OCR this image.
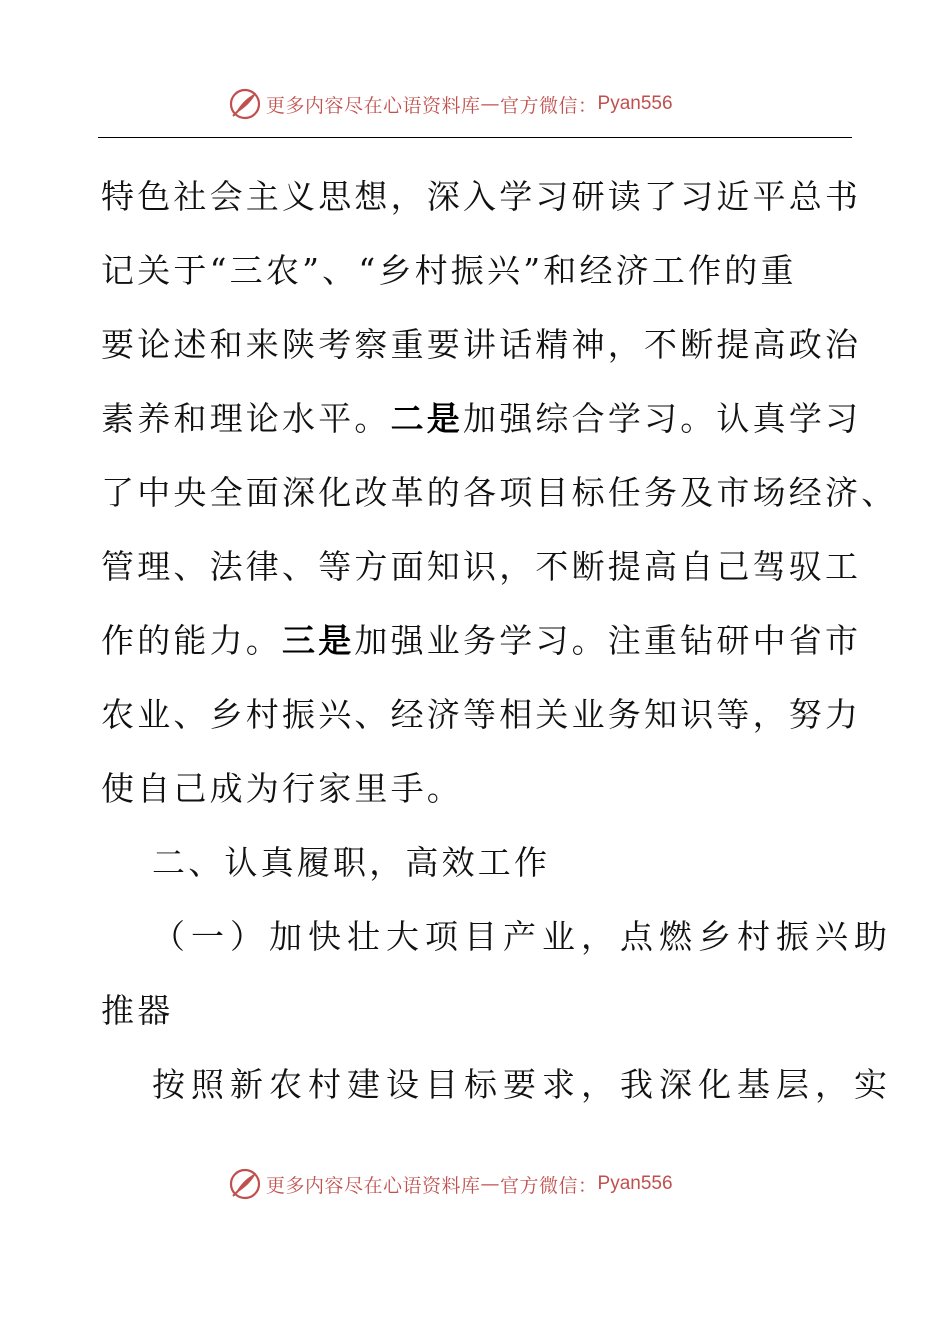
更多内容尽在心语资料库 — 官方微信： Pyan556
特色社会主义思想，深入学习研读了习近平总书
记关于“三农”、“乡村振兴”和经济工作的重
要论述和来陕考察重要讲话精神，不断提高政治
素养和理论水平。二是加强综合学习。认真学习
了中央全面深化改革的各项目标任务及市场经济、
管理、法律、等方面知识，不断提高自己驾驭工
作的能力。三是加强业务学习。注重钻研中省市
农业、乡村振兴、经济等相关业务知识等，努力
使自己成为行家里手。
二、认真履职，高效工作
（一）加快壮大项目产业，点燃乡村振兴助
推器
按照新农村建设目标要求，我深化基层，实
更多内容尽在心语资料库 — 官方微信： Pyan556
